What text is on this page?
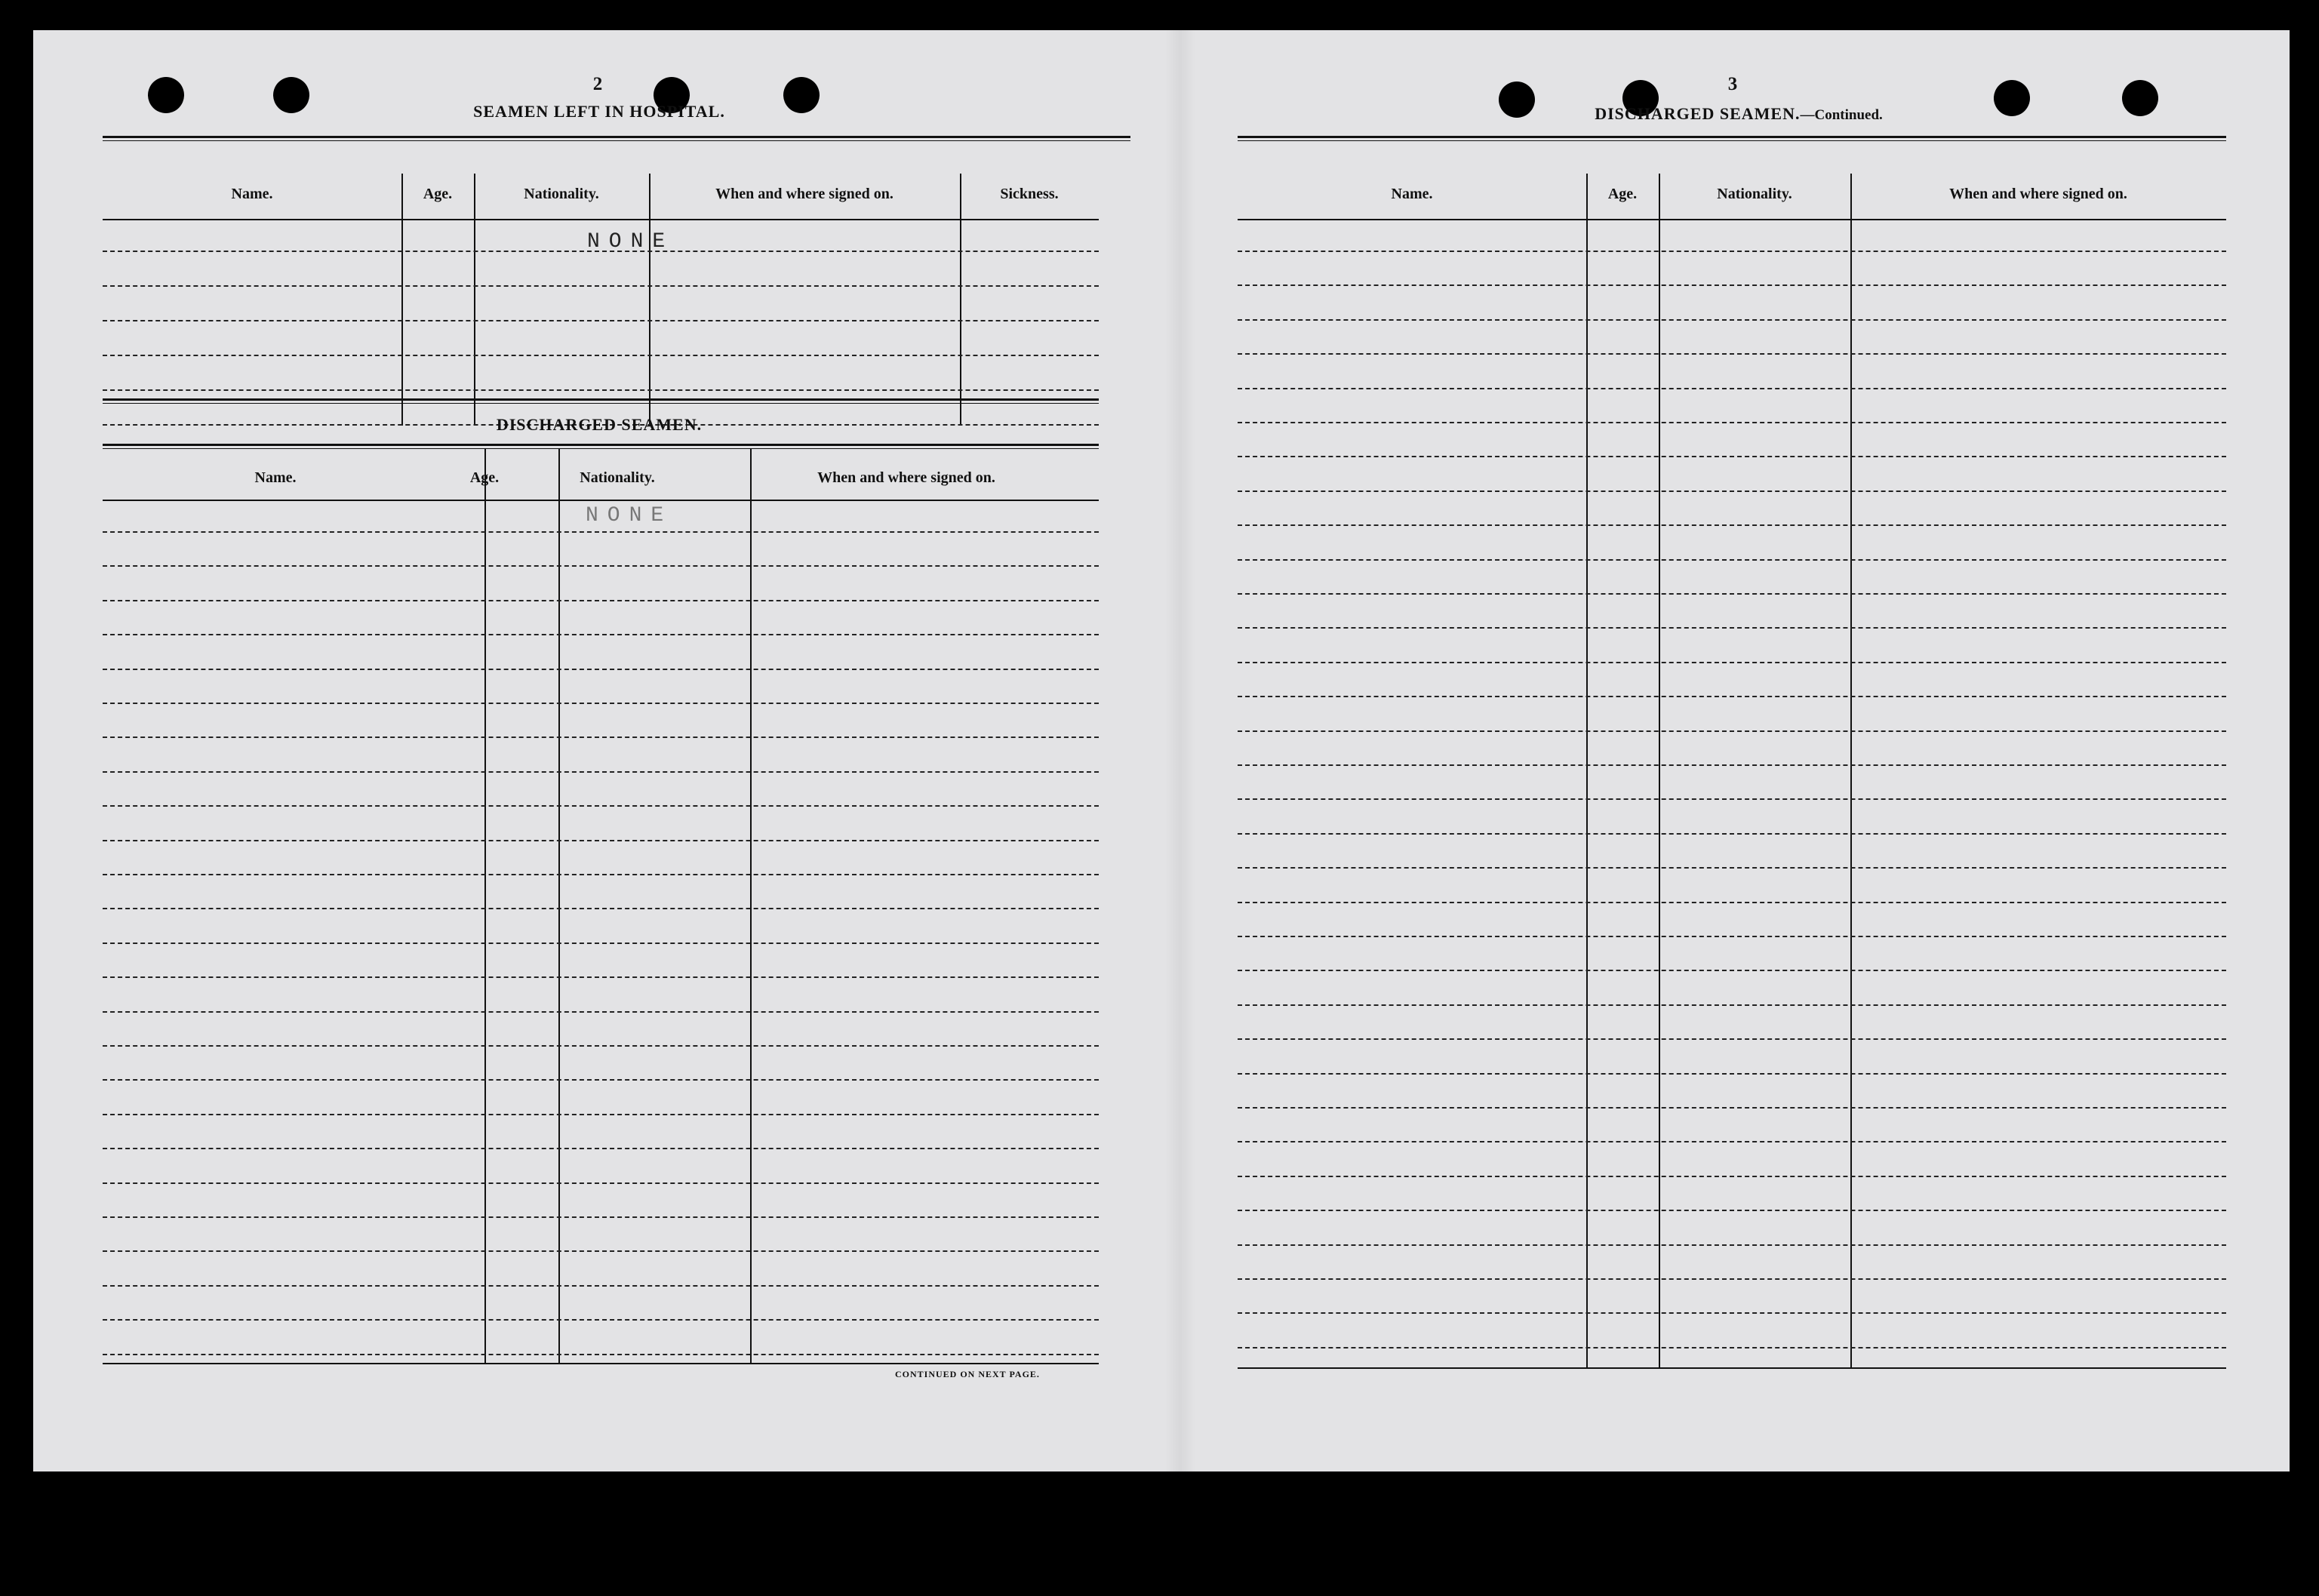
2
SEAMEN LEFT IN HOSPITAL.
Name.	Age.	Nationality.	When and where signed on.	Sickness.
NONE
DISCHARGED SEAMEN.
Name.	Age.	Nationality.	When and where signed on.
NONE
CONTINUED ON NEXT PAGE.
3
DISCHARGED SEAMEN.—Continued.
Name.	Age.	Nationality.	When and where signed on.
